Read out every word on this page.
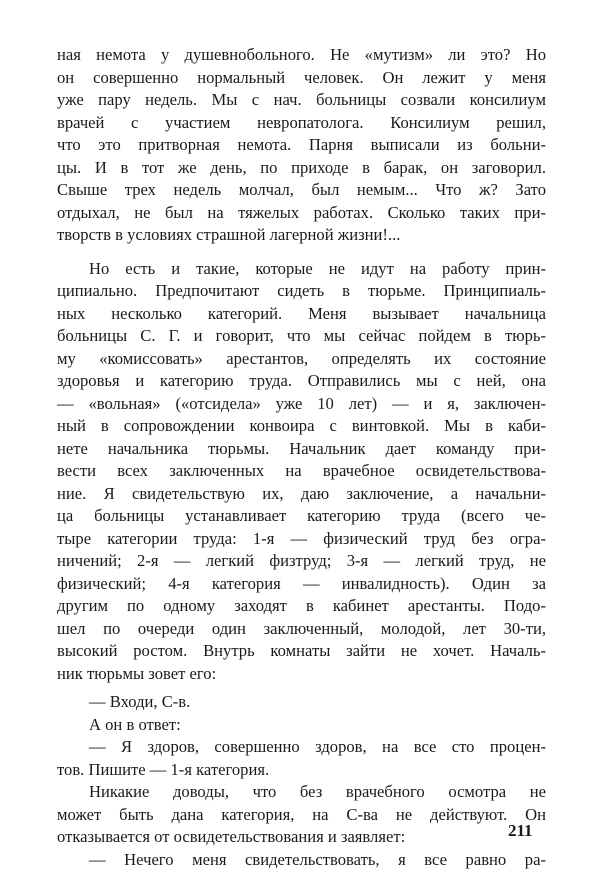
ная немота у душевнобольного. Не «мутизм» ли это? Но
он совершенно нормальный человек. Он лежит у меня
уже пару недель. Мы с нач. больницы созвали консилиум
врачей с участием невропатолога. Консилиум решил,
что это притворная немота. Парня выписали из больни-
цы. И в тот же день, по приходе в барак, он заговорил.
Свыше трех недель молчал, был немым... Что ж? Зато
отдыхал, не был на тяжелых работах. Сколько таких при-
творств в условиях страшной лагерной жизни!...
Но есть и такие, которые не идут на работу прин-
ципиально. Предпочитают сидеть в тюрьме. Принципиаль-
ных несколько категорий. Меня вызывает начальница
больницы С. Г. и говорит, что мы сейчас пойдем в тюрь-
му «комиссовать» арестантов, определять их состояние
здоровья и категорию труда. Отправились мы с ней, она
— «вольная» («отсидела» уже 10 лет) — и я, заключен-
ный в сопровождении конвоира с винтовкой. Мы в каби-
нете начальника тюрьмы. Начальник дает команду при-
вести всех заключенных на врачебное освидетельствова-
ние. Я свидетельствую их, даю заключение, а начальни-
ца больницы устанавливает категорию труда (всего че-
тыре категории труда: 1-я — физический труд без огра-
ничений; 2-я — легкий физтруд; 3-я — легкий труд, не
физический; 4-я категория — инвалидность). Один за
другим по одному заходят в кабинет арестанты. Подо-
шел по очереди один заключенный, молодой, лет 30-ти,
высокий ростом. Внутрь комнаты зайти не хочет. Началь-
ник тюрьмы зовет его:
— Входи, С-в.
А он в ответ:
— Я здоров, совершенно здоров, на все сто процен-
тов. Пишите — 1-я категория.
Никакие доводы, что без врачебного осмотра не
может быть дана категория, на С-ва не действуют. Он
отказывается от освидетельствования и заявляет:
— Нечего меня свидетельствовать, я все равно ра-
211
